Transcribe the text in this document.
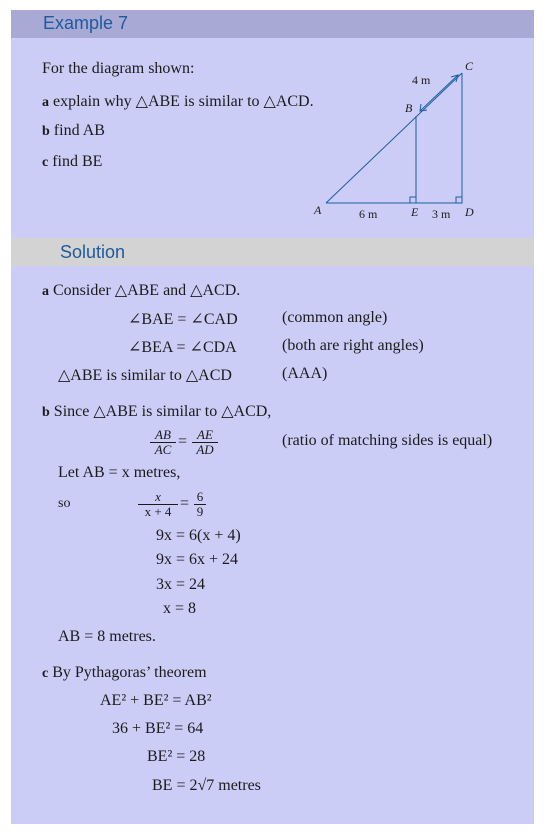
Example 7
For the diagram shown:
a explain why △ABE is similar to △ACD.
b find AB
c find BE
A
B
C
D
E
4 m
6 m	3 m
Solution
a Consider △ABE and △ACD.
∠BAE = ∠CAD	(common angle)
∠BEA = ∠CDA	(both are right angles)
△ABE is similar to △ACD	(AAA)
b Since △ABE is similar to △ACD,
$\frac{AB}{AC} = \frac{AE}{AD}$	(ratio of matching sides is equal)
Let AB = x metres,
so	$\frac{x}{x + 4} = \frac{6}{9}$
9x = 6(x + 4)
9x = 6x + 24
3x = 24
x = 8
AB = 8 metres.
c By Pythagoras’ theorem
AE² + BE² = AB²
36 + BE² = 64
BE² = 28
BE = 2√7 metres
